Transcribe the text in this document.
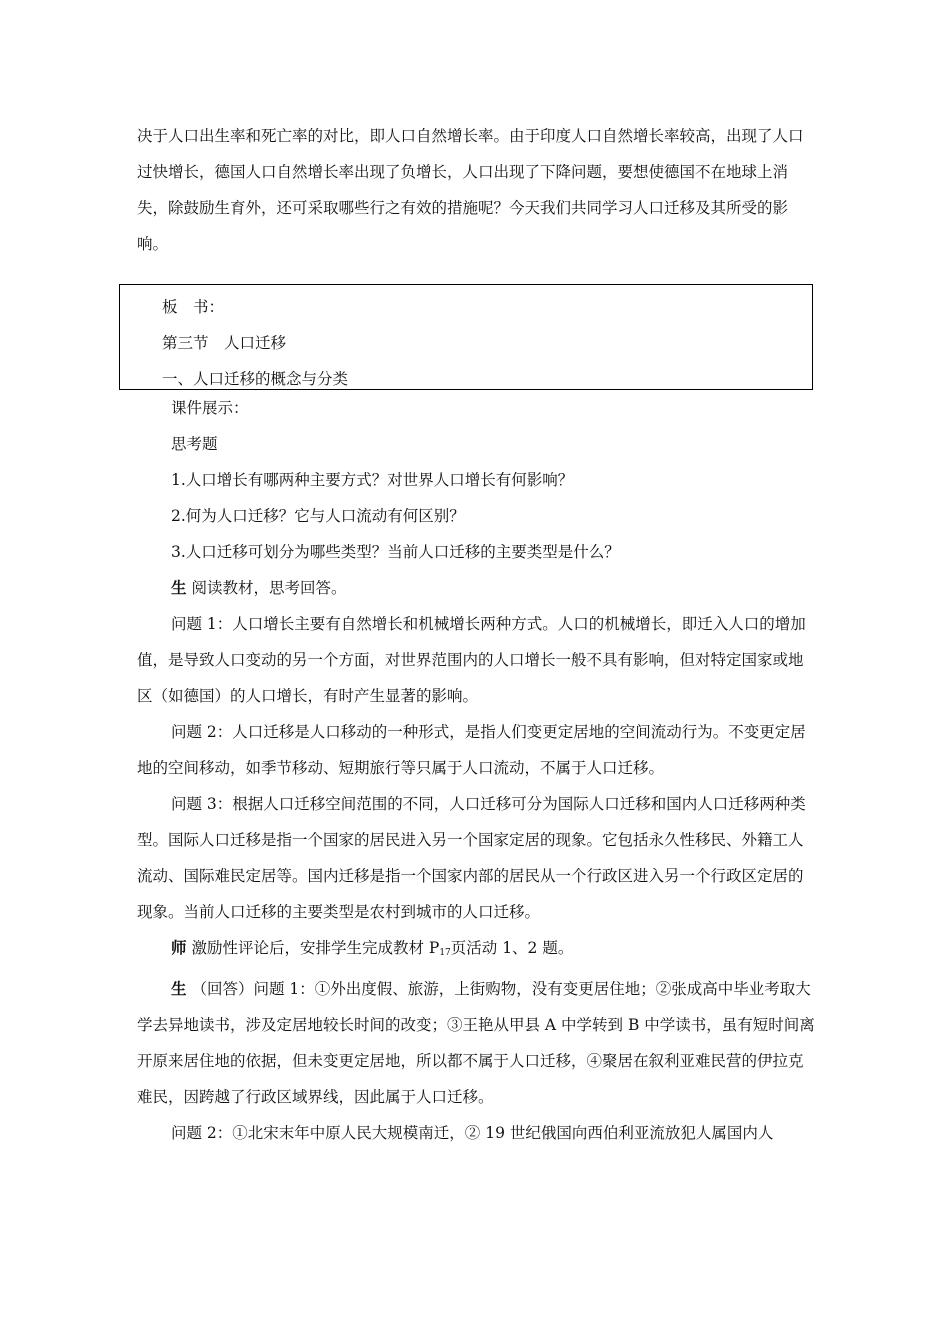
决于人口出生率和死亡率的对比，即人口自然增长率。由于印度人口自然增长率较高，出现了人口过快增长，德国人口自然增长率出现了负增长，人口出现了下降问题，要想使德国不在地球上消失，除鼓励生育外，还可采取哪些行之有效的措施呢？今天我们共同学习人口迁移及其所受的影响。

板　书：
第三节　人口迁移
一、人口迁移的概念与分类

课件展示：

思考题

1.人口增长有哪两种主要方式？对世界人口增长有何影响？

2.何为人口迁移？它与人口流动有何区别？

3.人口迁移可划分为哪些类型？当前人口迁移的主要类型是什么？

生 阅读教材，思考回答。

问题 1：人口增长主要有自然增长和机械增长两种方式。人口的机械增长，即迁入人口的增加值，是导致人口变动的另一个方面，对世界范围内的人口增长一般不具有影响，但对特定国家或地区（如德国）的人口增长，有时产生显著的影响。

问题 2：人口迁移是人口移动的一种形式，是指人们变更定居地的空间流动行为。不变更定居地的空间移动，如季节移动、短期旅行等只属于人口流动，不属于人口迁移。

问题 3：根据人口迁移空间范围的不同，人口迁移可分为国际人口迁移和国内人口迁移两种类型。国际人口迁移是指一个国家的居民进入另一个国家定居的现象。它包括永久性移民、外籍工人流动、国际难民定居等。国内迁移是指一个国家内部的居民从一个行政区进入另一个行政区定居的现象。当前人口迁移的主要类型是农村到城市的人口迁移。

师 激励性评论后，安排学生完成教材 $P_{17}$页活动 1、2 题。

生 （回答）问题 1：①外出度假、旅游，上街购物，没有变更居住地；②张成高中毕业考取大学去异地读书，涉及定居地较长时间的改变；③王艳从甲县 A 中学转到 B 中学读书，虽有短时间离开原来居住地的依据，但未变更定居地，所以都不属于人口迁移，④聚居在叙利亚难民营的伊拉克难民，因跨越了行政区域界线，因此属于人口迁移。

问题 2：①北宋末年中原人民大规模南迁，② 19 世纪俄国向西伯利亚流放犯人属国内人
